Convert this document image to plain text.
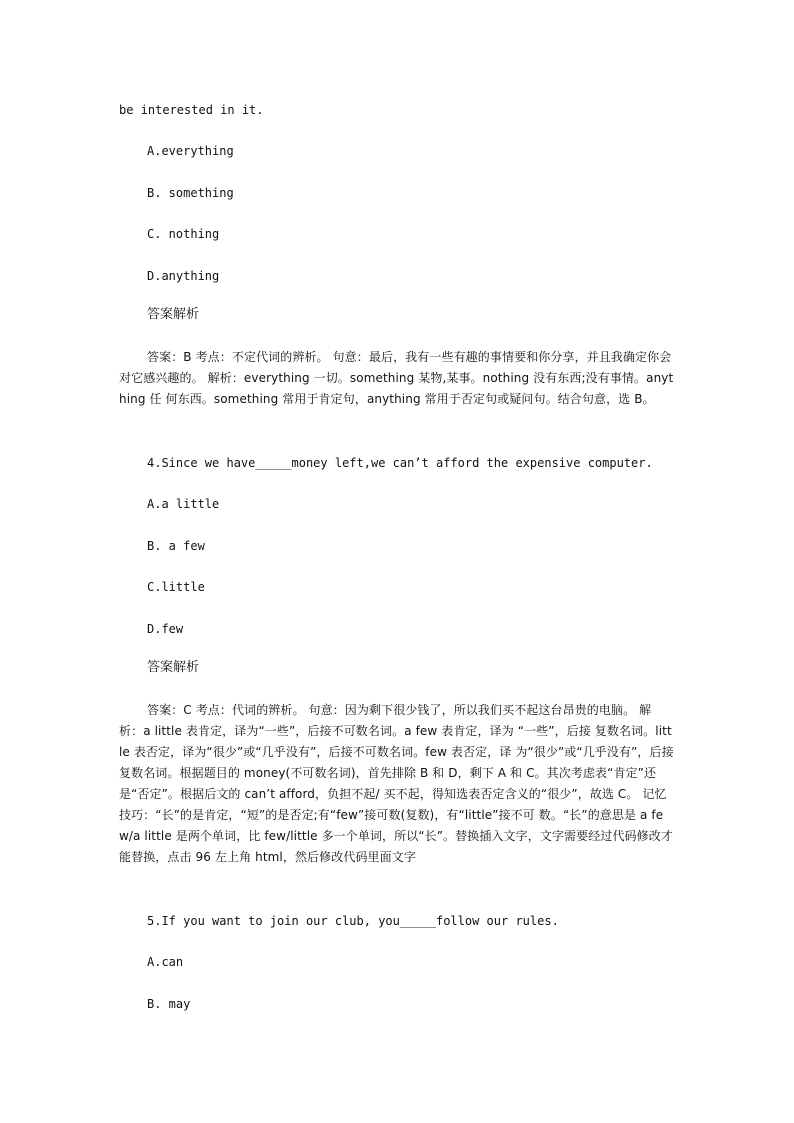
be interested in it.
A.everything
B. something
C. nothing
D.anything
答案解析
答案：B 考点：不定代词的辨析。 句意：最后，我有一些有趣的事情要和你分享，并且我确定你会对它感兴趣的。 解析：everything 一切。something 某物,某事。nothing 没有东西;没有事情。anything 任 何东西。something 常用于肯定句，anything 常用于否定句或疑问句。结合句意，选 B。
4.Since we have_____money left,we can’t afford the expensive computer.
A.a little
B. a few
C.little
D.few
答案解析
答案：C 考点：代词的辨析。 句意：因为剩下很少钱了，所以我们买不起这台昂贵的电脑。 解析：a little 表肯定，译为“一些”，后接不可数名词。a few 表肯定，译为 “一些”，后接 复数名词。little 表否定，译为“很少”或“几乎没有”，后接不可数名词。few 表否定，译 为“很少”或“几乎没有”，后接复数名词。根据题目的 money(不可数名词)，首先排除 B 和 D，剩下 A 和 C。其次考虑表“肯定”还是“否定”。根据后文的 can’t afford，负担不起/ 买不起，得知选表否定含义的“很少”，故选 C。 记忆技巧：“长”的是肯定，“短”的是否定;有“few”接可数(复数)，有“little”接不可 数。“长”的意思是 a few/a little 是两个单词，比 few/little 多一个单词，所以“长”。替换插入文字，文字需要经过代码修改才能替换，点击 96 左上角 html，然后修改代码里面文字
5.If you want to join our club, you_____follow our rules.
A.can
B. may
